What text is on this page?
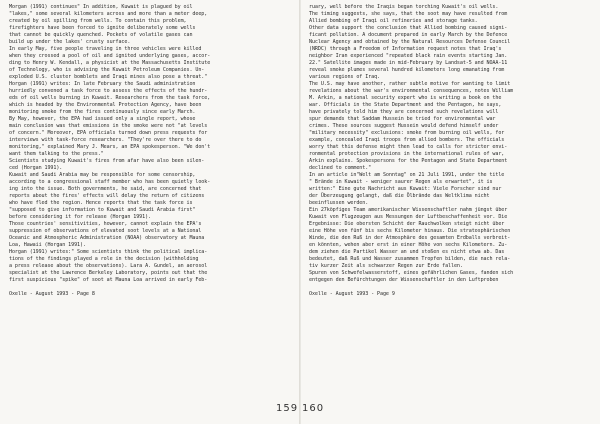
Morgan (1991) continues" In addition, Kuwait is plagued by oil
"lakes," some several kilometers across and more than a meter deep,
created by oil spilling from wells. To contain this problem,
firefighters have been forced to ignite deliberately some wells
that cannot be quickly quenched. Pockets of volatile gases can
build up under the lakes' crusty surface.
In early May, five people traveling in three vehicles were killed
when they crossed a pool of oil and ignited underlying gases, accor-
ding to Henry W. Kendall, a physicist at the Massachusetts Institute
of Technology, who is advising the Kuwait Petroleum Companies. Un-
exploded U.S. cluster bomblets and Iraqi mines also pose a threat."
Horgan (1991) writes: In late February the Saudi administration
hurriedly convened a task force to assess the effects of the hundr-
eds of oil wells burning in Kuwait. Researchers from the task force,
which is headed by the Environmental Protection Agency, have been
monitoring smoke from the fires continuously since early March.
By May, however, the EPA had issued only a single report, whose
main conclusion was that emissions in the smoke were not "at levels
of concern." Moreover, EPA officials turned down press requests for
interviews with task-force researchers. "They're over there to do
monitoring," explained Mary J. Mears, an EPA spokesperson. "We don't
want them talking to the press."
Scientists studying Kuwait's fires from afar have also been silen-
ced (Horgan 1991).
Kuwait and Saudi Arabia may be responsible for some censorship,
according to a congressional staff member who has been quietly look-
ing into the issue. Both governments, he said, are concerned that
reports about the fires' effects will delay the return of citizens
who have fled the region. Hence reports that the task force is
"supposed to give information to Kuwait and Saudi Arabia first"
before considering it for release (Horgan 1991).
Those countries' sensitivities, however, cannot explain the EPA's
suppression of observations of elevated soot levels at a National
Oceanic and Atmospheric Administration (NOAA) observatory at Mauna
Loa, Hawaii (Horgan 1991).
Horgan (1991) writes:" Some scientists think the political implica-
tions of the findings played a role in the decision (withholding
a press release about the observations). Lara A. Gundel, an aerosol
specialist at the Lawrence Berkeley Laboratory, points out that the
first suspicious "spike" of soot at Mauna Loa arrived in early Feb-
Oxelle - August 1993 - Page 8
ruary, well before the Iraqis began torching Kuwait's oil wells.
The timing suggests, she says, that the soot may have resulted from
Allied bombing of Iraqi oil refineries and storage tanks.
Other data support the conclusion that Allied bombing caused signi-
ficant pollution. A document prepared in early March by the Defence
Nuclear Agency and obtained by the Natural Resources Defense Council
(NRDC) through a Freedom of Information request notes that Iraq's
neighbor Iran experienced "repeated black rain events starting Jan.
22." Satellite images made in mid-February by Landsat-5 and NOAA-11
reveal smoke plumes several hundred kilometers long emanating from
various regions of Iraq.
The U.S. may have another, rather subtle motive for wanting to limit
revelations about the war's environmental consequences, notes William
M. Arkin, a national security expert who is writing a book on the
war. Officials in the State Department and the Pentagon, he says,
have privately told him they are concerned such revelations will
spur demands that Saddam Hussein be tried for environmental war
crimes. These sources suggest Hussein would defend himself under
"military necessity" exclusions: smoke from burning oil wells, for
example, concealed Iraqi troops from allied bombers. The officials
worry that this defense might then lead to calls for stricter envi-
ronmental protection provisions in the international rules of war,
Arkin explains. Spokespersons for the Pentagon and State Department
declined to comment."
In an article in"Welt am Sonntag" on 21 Juli 1991, under the title
" Brände in Kuwait - weniger saurer Regen als erwartet", it is
written:" Eine gute Nachricht aus Kuwait: Viele Forscher sind nur
der Überzeugung gelangt, daß die Ölbrände das Weltklima nicht
beeinflussen werden.
Ein 27köpfiges Team amerikanischer Wissenschaftler nahm jüngst über
Kuwait von Flugzeugen aus Messungen der Luftbeschaffenheit vor. Die
Ergebnisse: Die obersten Schicht der Rauchwolken steigt nicht über
eine Höhe von fünf bis sechs Kilometer hinaus. Die stratosphärischen
Winde, die den Ruß in der Atmosphäre des gesamten Erdballs verbreit-
en könnten, wehen aber erst in einer Höhe von sechs Kilometern. Zu-
dem ziehen die Partikel Wasser an und stoßen es nicht etwa ab. Das
bedeutet, daß Ruß und Wasser zusammen Tropfen bilden, die nach rela-
tiv kurzer Zeit als schwarzer Regen zur Erde fallen.
Spuren von Schwefelwasserstoff, eines gefährlichen Gases, fanden sich
entgegen den Befürchtungen der Wissenschaftler in den Luftproben
Oxelle - August 1993 - Page 9
159 160
